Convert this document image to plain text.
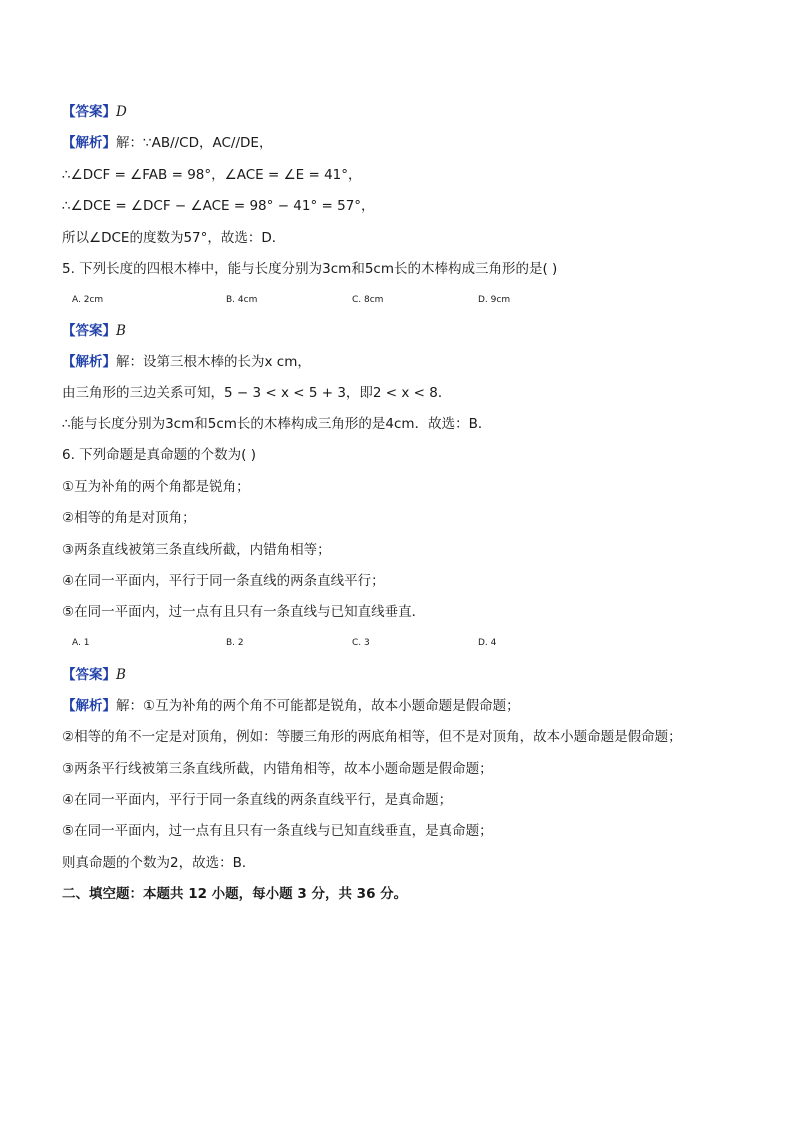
【答案】D
【解析】解：∵AB//CD，AC//DE，
∴∠DCF = ∠FAB = 98°，∠ACE = ∠E = 41°，
∴∠DCE = ∠DCF − ∠ACE = 98° − 41° = 57°，
所以∠DCE的度数为57°，故选：D．
5. 下列长度的四根木棒中，能与长度分别为3cm和5cm长的木棒构成三角形的是( )
A. 2cm	B. 4cm	C. 8cm	D. 9cm
【答案】B
【解析】解：设第三根木棒的长为x cm，
由三角形的三边关系可知，5 − 3 < x < 5 + 3，即2 < x < 8．
∴能与长度分别为3cm和5cm长的木棒构成三角形的是4cm．故选：B．
6. 下列命题是真命题的个数为( )
①互为补角的两个角都是锐角；
②相等的角是对顶角；
③两条直线被第三条直线所截，内错角相等；
④在同一平面内，平行于同一条直线的两条直线平行；
⑤在同一平面内，过一点有且只有一条直线与已知直线垂直．
A. 1	B. 2	C. 3	D. 4
【答案】B
【解析】解：①互为补角的两个角不可能都是锐角，故本小题命题是假命题；
②相等的角不一定是对顶角，例如：等腰三角形的两底角相等，但不是对顶角，故本小题命题是假命题；
③两条平行线被第三条直线所截，内错角相等，故本小题命题是假命题；
④在同一平面内，平行于同一条直线的两条直线平行，是真命题；
⑤在同一平面内，过一点有且只有一条直线与已知直线垂直，是真命题；
则真命题的个数为2，故选：B．
二、填空题：本题共 12 小题，每小题 3 分，共 36 分。
